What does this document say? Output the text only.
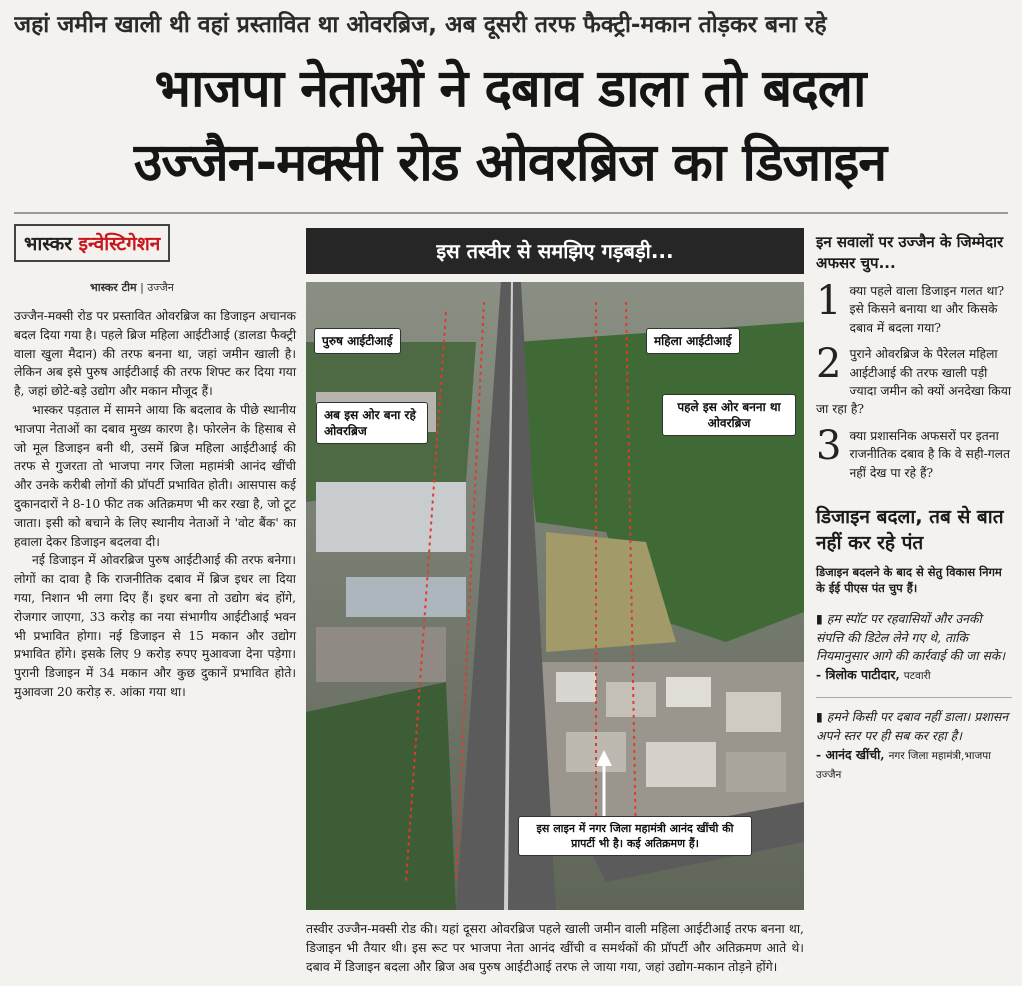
जहां जमीन खाली थी वहां प्रस्तावित था ओवरब्रिज, अब दूसरी तरफ फैक्ट्री-मकान तोड़कर बना रहे
भाजपा नेताओं ने दबाव डाला तो बदला
उज्जैन-मक्सी रोड ओवरब्रिज का डिजाइन
भास्कर इन्वेस्टिगेशन
भास्कर टीम | उज्जैन

उज्जैन-मक्सी रोड पर प्रस्तावित ओवरब्रिज का डिजाइन अचानक बदल दिया गया है। पहले ब्रिज महिला आईटीआई (डालडा फैक्ट्री वाला खुला मैदान) की तरफ बनना था, जहां जमीन खाली है। लेकिन अब इसे पुरुष आईटीआई की तरफ शिफ्ट कर दिया गया है, जहां छोटे-बड़े उद्योग और मकान मौजूद हैं।

भास्कर पड़ताल में सामने आया कि बदलाव के पीछे स्थानीय भाजपा नेताओं का दबाव मुख्य कारण है। फोरलेन के हिसाब से जो मूल डिजाइन बनी थी, उसमें ब्रिज महिला आईटीआई की तरफ से गुजरता तो भाजपा नगर जिला महामंत्री आनंद खींची और उनके करीबी लोगों की प्रॉपर्टी प्रभावित होती। आसपास कई दुकानदारों ने 8-10 फीट तक अतिक्रमण भी कर रखा है, जो टूट जाता। इसी को बचाने के लिए स्थानीय नेताओं ने 'वोट बैंक' का हवाला देकर डिजाइन बदलवा दी।

नई डिजाइन में ओवरब्रिज पुरुष आईटीआई की तरफ बनेगा। लोगों का दावा है कि राजनीतिक दबाव में ब्रिज इधर ला दिया गया, निशान भी लगा दिए हैं। इधर बना तो उद्योग बंद होंगे, रोजगार जाएगा, 33 करोड़ का नया संभागीय आईटीआई भवन भी प्रभावित होगा। नई डिजाइन से 15 मकान और उद्योग प्रभावित होंगे। इसके लिए 9 करोड़ रुपए मुआवजा देना पड़ेगा। पुरानी डिजाइन में 34 मकान और कुछ दुकानें प्रभावित होते। मुआवजा 20 करोड़ रु. आंका गया था।

इस तस्वीर से समझिए गड़बड़ी...
पुरुष आईटीआई	महिला आईटीआई
अब इस ओर बना रहे ओवरब्रिज
पहले इस ओर बनना था ओवरब्रिज
इस लाइन में नगर जिला महामंत्री आनंद खींची की प्रापर्टी भी है। कई अतिक्रमण हैं।
तस्वीर उज्जैन-मक्सी रोड की। यहां दूसरा ओवरब्रिज पहले खाली जमीन वाली महिला आईटीआई तरफ बनना था, डिजाइन भी तैयार थी। इस रूट पर भाजपा नेता आनंद खींची व समर्थकों की प्रॉपर्टी और अतिक्रमण आते थे। दबाव में डिजाइन बदला और ब्रिज अब पुरुष आईटीआई तरफ ले जाया गया, जहां उद्योग-मकान तोड़ने होंगे।
इन सवालों पर उज्जैन के जिम्मेदार अफसर चुप...
1 क्या पहले वाला डिजाइन गलत था? इसे किसने बनाया था और किसके दबाव में बदला गया?
2 पुराने ओवरब्रिज के पैरेलल महिला आईटीआई की तरफ खाली पड़ी ज्यादा जमीन को क्यों अनदेखा किया जा रहा है?
3 क्या प्रशासनिक अफसरों पर इतना राजनीतिक दबाव है कि वे सही-गलत नहीं देख पा रहे हैं?
डिजाइन बदला, तब से बात नहीं कर रहे पंत
डिजाइन बदलने के बाद से सेतु विकास निगम के ईई पीएस पंत चुप हैं।
▮ हम स्पॉट पर रहवासियों और उनकी संपत्ति की डिटेल लेने गए थे, ताकि नियमानुसार आगे की कार्रवाई की जा सके।
- त्रिलोक पाटीदार, पटवारी
▮ हमने किसी पर दबाव नहीं डाला। प्रशासन अपने स्तर पर ही सब कर रहा है।
- आनंद खींची, नगर जिला महामंत्री,भाजपा उज्जैन
